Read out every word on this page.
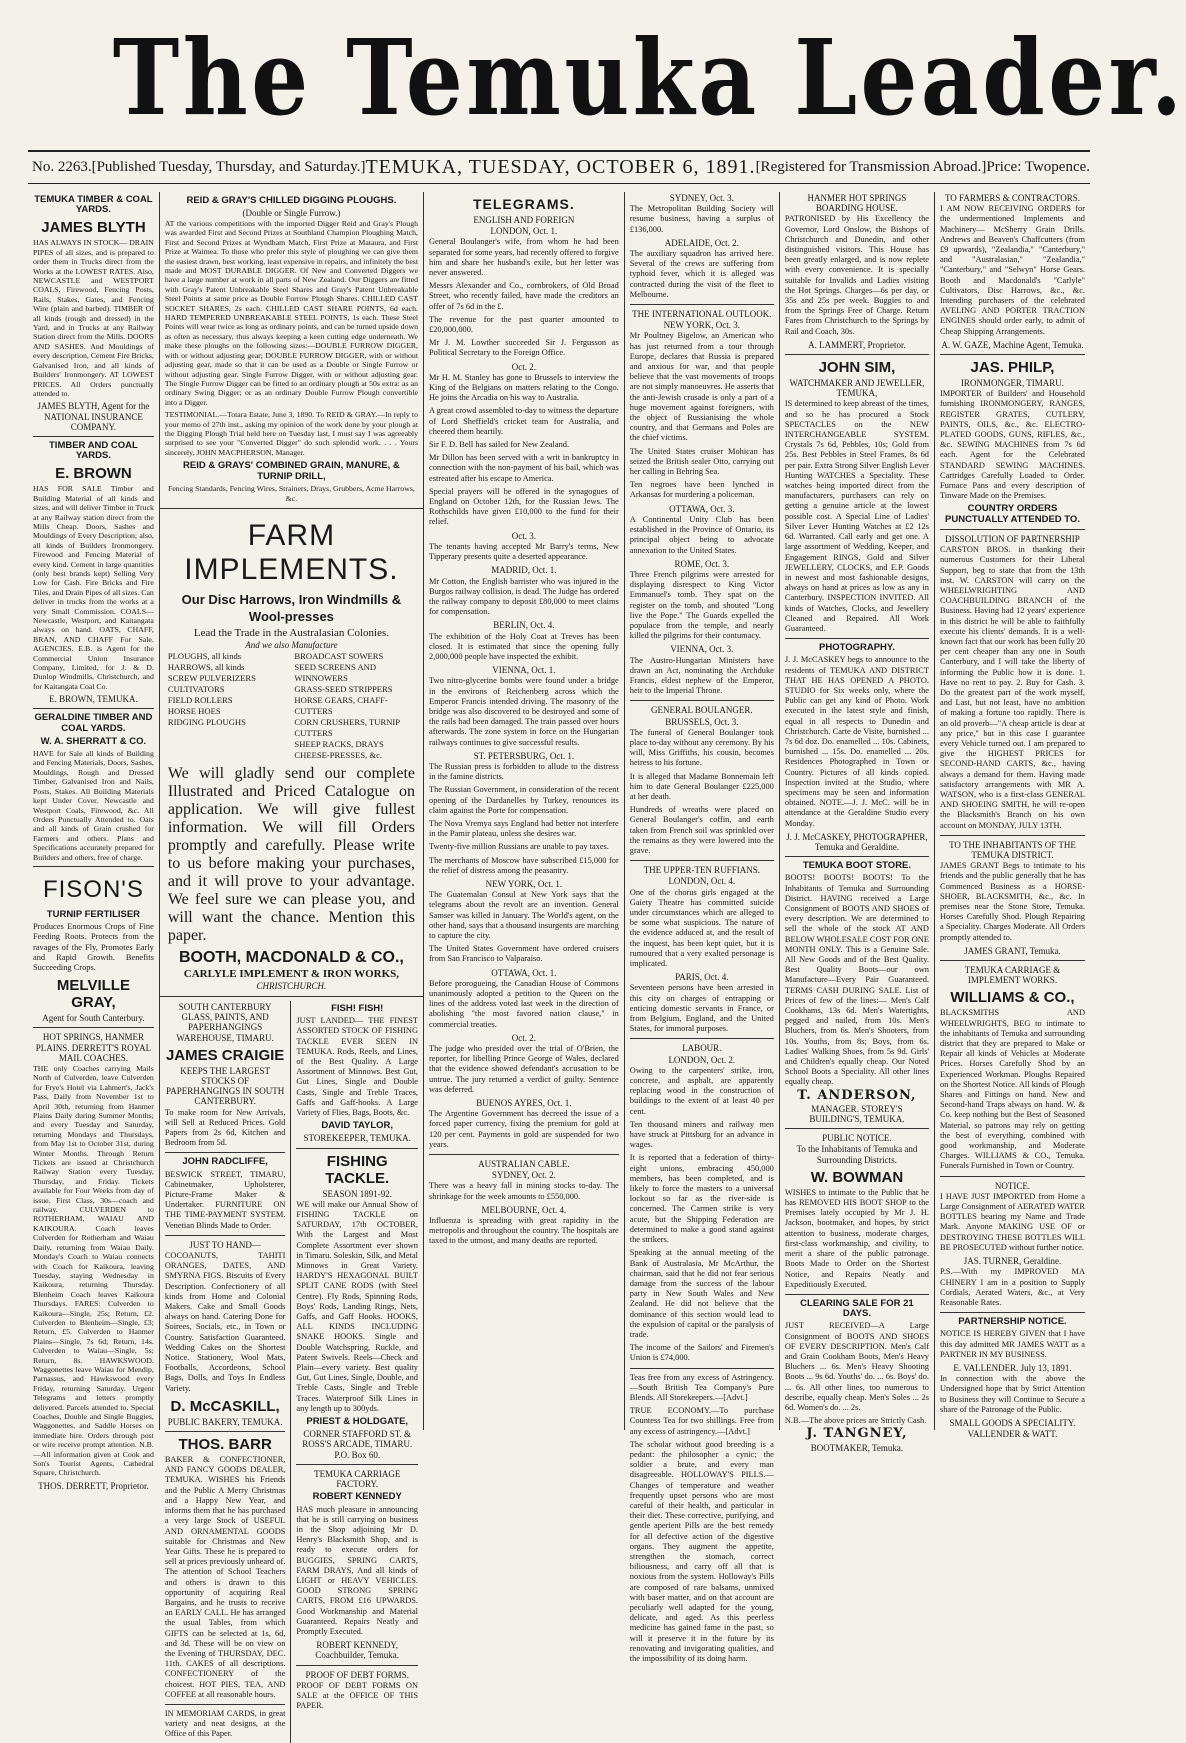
The Temuka Leader.
No. 2263. [Published Tuesday, Thursday, and Saturday.] TEMUKA, TUESDAY, OCTOBER 6, 1891. [Registered for Transmission Abroad.] Price: Twopence.
TEMUKA TIMBER & COAL YARDS.
JAMES BLYTH
HAS ALWAYS IN STOCK— DRAIN PIPES of all sizes, and is prepared to order them in Trucks direct from the Works at the LOWEST RATES. Also, NEWCASTLE and WESTPORT COALS, Firewood, Fencing Posts, Rails, Stakes, Gates, and Fencing Wire (plain and barbed). TIMBER Of all kinds (rough and dressed) in the Yard, and in Trucks at any Railway Station direct from the Mills. DOORS AND SASHES. And Mouldings of every description, Cement Fire Bricks, Galvanised Iron, and all kinds of Builders' Ironmongery. AT LOWEST PRICES. All Orders punctually attended to.
JAMES BLYTH, Agent for the NATIONAL INSURANCE COMPANY.
TIMBER AND COAL YARDS.
E. BROWN
HAS FOR SALE Timber and Building Material of all kinds and sizes, and will deliver Timber in Truck at any Railway station direct from the Mills Cheap. Doors, Sashes and Mouldings of Every Description; also, all kinds of Builders Ironmongery. Firewood and Fencing Material of every kind. Cement in large quantities (only best brands kept) Selling Very Low for Cash. Fire Bricks and Fire Tiles, and Drain Pipes of all sizes. Can deliver in trucks from the works at a very Small Commission. COALS—Newcastle, Westport, and Kaitangata always on hand. OATS, CHAFF, BRAN, AND CHAFF For Sale. AGENCIES. E.B. is Agent for the Commercial Union Insurance Company, Limited, for J. & D. Dunlop Windmills, Christchurch, and for Kaitangata Coal Co.
E. BROWN, TEMUKA.
GERALDINE TIMBER AND COAL YARDS.
W. A. SHERRATT & CO.
HAVE for Sale all kinds of Building and Fencing Materials, Doors, Sashes, Mouldings, Rough and Dressed Timber, Galvanised Iron and Nails, Posts, Stakes. All Building Materials kept Under Cover. Newcastle and Westport Coals, Firewood, &c. All Orders Punctually Attended to. Oats and all kinds of Grain crushed for Farmers and others. Plans and Specifications accurately prepared for Builders and others, free of charge.
FISON'S
TURNIP FERTILISER
Produces Enormous Crops of Fine Feeding Roots. Protects from the ravages of the Fly, Promotes Early and Rapid Growth. Benefits Succeeding Crops.
MELVILLE GRAY,
Agent for South Canterbury.
HOT SPRINGS, HANMER PLAINS. DERRETT'S ROYAL MAIL COACHES.
THE only Coaches carrying Mails North of Culverden, leave Culverden for Frye's Hotel via Lahmert's, Jack's Pass, Daily from November 1st to April 30th, returning from Hanmer Plains Daily during Summer Months; and every Tuesday and Saturday, returning Mondays and Thursdays, from May 1st to October 31st, during Winter Months. Through Return Tickets are issued at Christchurch Railway Station every Tuesday, Thursday, and Friday. Tickets available for Four Weeks from day of issue. First Class, 30s—coach and railway. CULVERDEN to ROTHERHAM, WAIAU AND KAIKOURA. Coach leaves Culverden for Rotherham and Waiau Daily, returning from Waiau Daily. Monday's Coach to Waiau connects with Coach for Kaikoura, leaving Tuesday, staying Wednesday in Kaikoura, returning Thursday. Blenheim Coach leaves Kaikoura Thursdays. FARES: Culverden to Kaikoura—Single, 25s; Return, £2. Culverden to Blenheim—Single, £3; Return, £5. Culverden to Hanmer Plains—Single, 7s 6d; Return, 14s. Culverden to Waiau—Single, 5s; Return, 8s. HAWKSWOOD. Waggonettes leave Waiau for Mendip, Parnassus, and Hawkswood every Friday, returning Saturday. Urgent Telegrams and letters promptly delivered. Parcels attended to. Special Coaches, Double and Single Buggies, Waggonettes, and Saddle Horses on immediate hire. Orders through post or wire receive prompt attention. N.B.—All information given at Cook and Son's Tourist Agents, Cathedral Square, Christchurch.
THOS. DERRETT, Proprietor.
REID & GRAY'S CHILLED DIGGING PLOUGHS.
(Double or Single Furrow.)
AT the various competitions with the imported Digger Reid and Gray's Plough was awarded First and Second Prizes at Southland Champion Ploughing Match, First and Second Prizes at Wyndham Match, First Prize at Mataura, and First Prize at Waimea. To those who prefer this style of ploughing we can give them the easiest drawn, best working, least expensive in repairs, and infinitely the best made and MOST DURABLE DIGGER. Of New and Converted Diggers we have a large number at work in all parts of New Zealand. Our Diggers are fitted with Gray's Patent Unbreakable Steel Shares and Gray's Patent Unbreakable Steel Points at same price as Double Furrow Plough Shares. CHILLED CAST SOCKET SHARES, 2s each. CHILLED CAST SHARE POINTS, 6d each. HARD TEMPERED UNBREAKABLE STEEL POINTS, 1s each. These Steel Points will wear twice as long as ordinary points, and can be turned upside down as often as necessary, thus always keeping a keen cutting edge underneath. We make these ploughs on the following sizes:—DOUBLE FURROW DIGGER, with or without adjusting gear; DOUBLE FURROW DIGGER, with or without adjusting gear, made so that it can be used as a Double or Single Furrow or without adjusting gear. Single Furrow Digger, with or without adjusting gear. The Single Furrow Digger can be fitted to an ordinary plough at 50s extra: as an ordinary Swing Digger; or as an ordinary Double Furrow Plough convertible into a Digger.
TESTIMONIAL.—Totara Estate, June 3, 1890. To REID & GRAY.—In reply to your memo of 27th inst., asking my opinion of the work done by your plough at the Digging Plough Trial held here on Tuesday last, I must say I was agreeably surprised to see your "Converted Digger" do such splendid work. . . . Yours sincerely, JOHN MACPHERSON, Manager.
REID & GRAYS' COMBINED GRAIN, MANURE, & TURNIP DRILL,
Fencing Standards, Fencing Wires, Strainers, Drays, Grubbers, Acme Harrows, &c.
FARM IMPLEMENTS.
Our Disc Harrows, Iron Windmills & Wool-presses
Lead the Trade in the Australasian Colonies.
And we also Manufacture
PLOUGHS, all kinds
HARROWS, all kinds
SCREW PULVERIZERS
CULTIVATORS
FIELD ROLLERS
HORSE HOES
RIDGING PLOUGHS
BROADCAST SOWERS
SEED SCREENS AND WINNOWERS
GRASS-SEED STRIPPERS
HORSE GEARS, CHAFF-CUTTERS
CORN CRUSHERS, TURNIP CUTTERS
SHEEP RACKS, DRAYS
CHEESE-PRESSES, &c.
We will gladly send our complete Illustrated and Priced Catalogue on application. We will give fullest information. We will fill Orders promptly and carefully. Please write to us before making your purchases, and it will prove to your advantage. We feel sure we can please you, and will want the chance. Mention this paper.
BOOTH, MACDONALD & CO.,
CARLYLE IMPLEMENT & IRON WORKS,
CHRISTCHURCH.
SOUTH CANTERBURY GLASS, PAINTS, AND PAPERHANGINGS WAREHOUSE, TIMARU.
JAMES CRAIGIE
KEEPS THE LARGEST STOCKS OF PAPERHANGINGS IN SOUTH CANTERBURY.
To make room for New Arrivals, will Sell at Reduced Prices. Gold Papers from 2s 6d, Kitchen and Bedroom from 5d.
JOHN RADCLIFFE,
BESWICK STREET, TIMARU, Cabinetmaker, Upholsterer, Picture-Frame Maker & Undertaker. FURNITURE ON THE TIME-PAYMENT SYSTEM. Venetian Blinds Made to Order.
JUST TO HAND—
COCOANUTS, TAHITI ORANGES, DATES, AND SMYRNA FIGS. Biscuits of Every Description. Confectionery of all kinds from Home and Colonial Makers. Cake and Small Goods always on hand. Catering Done for Soirees, Socials, etc., in Town or Country. Satisfaction Guaranteed. Wedding Cakes on the Shortest Notice. Stationery, Wool Mats, Footballs, Accordeons, School Bags, Dolls, and Toys In Endless Variety.
D. McCASKILL,
PUBLIC BAKERY, TEMUKA.
THOS. BARR
BAKER & CONFECTIONER, AND FANCY GOODS DEALER, TEMUKA. WISHES his Friends and the Public A Merry Christmas and a Happy New Year, and informs them that he has purchased a very large Stock of USEFUL AND ORNAMENTAL GOODS suitable for Christmas and New Year Gifts. These he is prepared to sell at prices previously unheard of. The attention of School Teachers and others is drawn to this opportunity of acquiring Real Bargains, and he trusts to receive an EARLY CALL. He has arranged the usual Tables, from which GIFTS can be selected at 1s, 6d, and 3d. These will be on view on the Evening of THURSDAY, DEC. 11th. CAKES of all descriptions. CONFECTIONERY of the choicest. HOT PIES, TEA, AND COFFEE at all reasonable hours.
IN MEMORIAM CARDS, in great variety and neat designs, at the Office of this Paper.
FISH! FISH!
JUST LANDED— THE FINEST ASSORTED STOCK OF FISHING TACKLE EVER SEEN IN TEMUKA. Rods, Reels, and Lines, of the Best Quality. A Large Assortment of Minnows. Best Gut, Gut Lines, Single and Double Casts, Single and Treble Traces, Gaffs and Gaff-hooks. A Large Variety of Flies, Bags, Boots, &c.
DAVID TAYLOR,
STOREKEEPER, TEMUKA.
FISHING TACKLE.
SEASON 1891-92.
WE will make our Annual Show of FISHING TACKLE on SATURDAY, 17th OCTOBER, With the Largest and Most Complete Assortment ever shown in Timaru. Soleskin, Silk, and Metal Minnows in Great Variety. HARDY'S HEXAGONAL BUILT SPLIT CANE RODS (with Steel Centre). Fly Rods, Spinning Rods, Boys' Rods, Landing Rings, Nets, Gaffs, and Gaff Hooks. HOOKS, ALL KINDS INCLUDING SNAKE HOOKS. Single and Double Watchspring, Ruckle, and Patent Swivels. Reels—Check and Plain—every variety. Best quality Gut, Gut Lines, Single, Double, and Treble Casts, Single and Treble Traces. Waterproof Silk Lines in any length up to 300yds.
PRIEST & HOLDGATE,
CORNER STAFFORD ST. & ROSS'S ARCADE, TIMARU. P.O. Box 60.
TEMUKA CARRIAGE FACTORY.
ROBERT KENNEDY
HAS much pleasure in announcing that he is still carrying on business in the Shop adjoining Mr D. Henry's Blacksmith Shop, and is ready to execute orders for BUGGIES, SPRING CARTS, FARM DRAYS, And all kinds of LIGHT or HEAVY VEHICLES. GOOD STRONG SPRING CARTS, FROM £16 UPWARDS. Good Workmanship and Material Guaranteed. Repairs Neatly and Promptly Executed.
ROBERT KENNEDY, Coachbuilder, Temuka.
PROOF OF DEBT FORMS.
PROOF OF DEBT FORMS ON SALE at the OFFICE OF THIS PAPER.
TELEGRAMS.
ENGLISH AND FOREIGN
LONDON, Oct. 1.
General Boulanger's wife, from whom he had been separated for some years, had recently offered to forgive him and share her husband's exile, but her letter was never answered.
Messrs Alexander and Co., cornbrokers, of Old Broad Street, who recently failed, have made the creditors an offer of 7s 6d in the £.
The revenue for the past quarter amounted to £20,000,000.
Mr J. M. Lowther succeeded Sir J. Fergusson as Political Secretary to the Foreign Office.
Oct. 2.
Mr H. M. Stanley has gone to Brussels to interview the King of the Belgians on matters relating to the Congo. He joins the Arcadia on his way to Australia.
A great crowd assembled to-day to witness the departure of Lord Sheffield's cricket team for Australia, and cheered them heartily.
Sir F. D. Bell has sailed for New Zealand.
Mr Dillon has been served with a writ in bankruptcy in connection with the non-payment of his bail, which was estreated after his escape to America.
Special prayers will be offered in the synagogues of England on October 12th, for the Russian Jews. The Rothschilds have given £10,000 to the fund for their relief.
Oct. 3.
The tenants having accepted Mr Barry's terms, New Tipperary presents quite a deserted appearance.
MADRID, Oct. 1.
Mr Cotton, the English barrister who was injured in the Burgos railway collision, is dead. The Judge has ordered the railway company to deposit £80,000 to meet claims for compensation.
BERLIN, Oct. 4.
The exhibition of the Holy Coat at Treves has been closed. It is estimated that since the opening fully 2,000,000 people have inspected the exhibit.
VIENNA, Oct. 1.
Two nitro-glycerine bombs were found under a bridge in the environs of Reichenberg across which the Emperor Francis intended driving. The masonry of the bridge was also discovered to be destroyed and some of the rails had been damaged. The train passed over hours afterwards. The zone system in force on the Hungarian railways continues to give successful results.
ST. PETERSBURG, Oct. 1.
The Russian press is forbidden to allude to the distress in the famine districts.
The Russian Government, in consideration of the recent opening of the Dardanelles by Turkey, renounces its claim against the Porte for compensation.
The Nova Vremya says England had better not interfere in the Pamir plateau, unless she desires war.
Twenty-five million Russians are unable to pay taxes.
The merchants of Moscow have subscribed £15,000 for the relief of distress among the peasantry.
NEW YORK, Oct. 1.
The Guatemalan Consul at New York says that the telegrams about the revolt are an invention. General Samser was killed in January. The World's agent, on the other hand, says that a thousand insurgents are marching to capture the city.
The United States Government have ordered cruisers from San Francisco to Valparaiso.
OTTAWA, Oct. 1.
Before prorogueing, the Canadian House of Commons unanimously adopted a petition to the Queen on the lines of the address voted last week in the direction of abolishing "the most favored nation clause," in commercial treaties.
Oct. 2.
The judge who presided over the trial of O'Brien, the reporter, for libelling Prince George of Wales, declared that the evidence showed defendant's accusation to be untrue. The jury returned a verdict of guilty. Sentence was deferred.
BUENOS AYRES, Oct. 1.
The Argentine Government has decreed the issue of a forced paper currency, fixing the premium for gold at 120 per cent. Payments in gold are suspended for two years.
AUSTRALIAN CABLE.
SYDNEY, Oct. 2.
There was a heavy fall in mining stocks to-day. The shrinkage for the week amounts to £550,000.
MELBOURNE, Oct. 4.
Influenza is spreading with great rapidity in the metropolis and throughout the country. The hospitals are taxed to the utmost, and many deaths are reported.
SYDNEY, Oct. 3.
The Metropolitan Building Society will resume business, having a surplus of £136,000.
ADELAIDE, Oct. 2.
The auxiliary squadron has arrived here. Several of the crews are suffering from typhoid fever, which it is alleged was contracted during the visit of the fleet to Melbourne.
THE INTERNATIONAL OUTLOOK.
NEW YORK, Oct. 3.
Mr Poultney Bigelow, an American who has just returned from a tour through Europe, declares that Russia is prepared and anxious for war, and that people believe that the vast movements of troops are not simply manoeuvres. He asserts that the anti-Jewish crusade is only a part of a huge movement against foreigners, with the object of Russianising the whole country, and that Germans and Poles are the chief victims.
The United States cruiser Mohican has seized the British sealer Otto, carrying out her calling in Behring Sea.
Ten negroes have been lynched in Arkansas for murdering a policeman.
OTTAWA, Oct. 3.
A Continental Unity Club has been established in the Province of Ontario, its principal object being to advocate annexation to the United States.
ROME, Oct. 3.
Three French pilgrims were arrested for displaying disrespect to King Victor Emmanuel's tomb. They spat on the register on the tomb, and shouted "Long live the Pope." The Guards expelled the populace from the temple, and nearly killed the pilgrims for their contumacy.
VIENNA, Oct. 3.
The Austro-Hungarian Ministers have drawn an Act, nominating the Archduke Francis, eldest nephew of the Emperor, heir to the Imperial Throne.
GENERAL BOULANGER.
BRUSSELS, Oct. 3.
The funeral of General Boulanger took place to-day without any ceremony. By his will, Miss Griffiths, his cousin, becomes heiress to his fortune.
It is alleged that Madame Bonnemain left him to date General Boulanger £225,000 at her death.
Hundreds of wreaths were placed on General Boulanger's coffin, and earth taken from French soil was sprinkled over the remains as they were lowered into the grave.
THE UPPER-TEN RUFFIANS.
LONDON, Oct. 4.
One of the chorus girls engaged at the Gaiety Theatre has committed suicide under circumstances which are alleged to be some what suspicious. The nature of the evidence adduced at, and the result of the inquest, has been kept quiet, but it is rumoured that a very exalted personage is implicated.
PARIS, Oct. 4.
Seventeen persons have been arrested in this city on charges of entrapping or enticing domestic servants in France, or from Belgium, England, and the United States, for immoral purposes.
LABOUR.
LONDON, Oct. 2.
Owing to the carpenters' strike, iron, concrete, and asphalt, are apparently replacing wood in the construction of buildings to the extent of at least 40 per cent.
Ten thousand miners and railway men have struck at Pittsburg for an advance in wages.
It is reported that a federation of thirty-eight unions, embracing 450,000 members, has been completed, and is likely to force the masters to a universal lockout so far as the river-side is concerned. The Carmen strike is very acute, but the Shipping Federation are determined to make a good stand against the strikers.
Speaking at the annual meeting of the Bank of Australasia, Mr McArthur, the chairman, said that he did not fear serious damage from the success of the labour party in New South Wales and New Zealand. He did not believe that the dominance of this section would lead to the expulsion of capital or the paralysis of trade.
The income of the Sailors' and Firemen's Union is £74,000.
Teas free from any excess of Astringency.—South British Tea Company's Pure Blends. All Storekeepers.—[Advt.]
TRUE ECONOMY.—To purchase Countess Tea for two shillings. Free from any excess of astringency.—[Advt.]
The scholar without good breeding is a pedant: the philosopher a cynic; the soldier a brute, and every man disagreeable. HOLLOWAY'S PILLS.—Changes of temperature and weather frequently upset persons who are most careful of their health, and particular in their diet. These corrective, purifying, and gentle aperient Pills are the best remedy for all defective action of the digestive organs. They augment the appetite, strengthen the stomach, correct biliousness, and carry off all that is noxious from the system. Holloway's Pills are composed of rare balsams, unmixed with baser matter, and on that account are peculiarly well adapted for the young, delicate, and aged. As this peerless medicine has gained fame in the past, so will it preserve it in the future by its renovating and invigorating qualities, and the impossibility of its doing harm.
HANMER HOT SPRINGS BOARDING HOUSE.
PATRONISED by His Excellency the Governor, Lord Onslow, the Bishops of Christchurch and Dunedin, and other distinguished visitors. This House has been greatly enlarged, and is now replete with every convenience. It is specially suitable for Invalids and Ladies visiting the Hot Springs. Charges—6s per day, or 35s and 25s per week. Buggies to and from the Springs Free of Charge. Return Fares from Christchurch to the Springs by Rail and Coach, 30s.
A. LAMMERT, Proprietor.
JOHN SIM,
WATCHMAKER AND JEWELLER, TEMUKA,
IS determined to keep abreast of the times, and so he has procured a Stock SPECTACLES on the NEW INTERCHANGEABLE SYSTEM. Crystals 7s 6d, Pebbles, 10s; Gold from 25s. Best Pebbles in Steel Frames, 8s 6d per pair. Extra Strong Silver English Lever Hunting WATCHES a Speciality. These watches being imported direct from the manufacturers, purchasers can rely on getting a genuine article at the lowest possible cost. A Special Line of Ladies' Silver Lever Hunting Watches at £2 12s 6d. Warranted. Call early and get one. A large assortment of Wedding, Keeper, and Engagement RINGS, Gold and Silver JEWELLERY, CLOCKS, and E.P. Goods in newest and most fashionable designs, always on hand at prices as low as any in Canterbury. INSPECTION INVITED. All kinds of Watches, Clocks, and Jewellery Cleaned and Repaired. All Work Guaranteed.
PHOTOGRAPHY.
J. J. McCASKEY begs to announce to the residents of TEMUKA AND DISTRICT THAT HE HAS OPENED A PHOTO. STUDIO for Six weeks only, where the Public can get any kind of Photo. Work executed in the latest style and finish, equal in all respects to Dunedin and Christchurch. Carte de Visite, burnished ... 7s 6d doz. Do. enamelled ... 10s. Cabinets, burnished ... 15s. Do. enamelled ... 20s. Residences Photographed in Town or Country. Pictures of all kinds copied. Inspection invited at the Studio, where specimens may be seen and information obtained. NOTE.—J. J. McC. will be in attendance at the Geraldine Studio every Monday.
J. J. McCASKEY, PHOTOGRAPHER, Temuka and Geraldine.
TEMUKA BOOT STORE.
BOOTS! BOOTS! BOOTS! To the Inhabitants of Temuka and Surrounding District. HAVING received a Large Consignment of BOOTS AND SHOES of every description. We are determined to sell the whole of the stock AT AND BELOW WHOLESALE COST FOR ONE MONTH ONLY. This is a Genuine Sale. All New Goods and of the Best Quality. Best Quality Boots—our own Manufacture—Every Pair Guaranteed. TERMS CASH DURING SALE. List of Prices of few of the lines:— Men's Calf Cookhams, 13s 6d. Men's Watertights, pegged and nailed, from 10s. Men's Bluchers, from 6s. Men's Shooters, from 10s. Youths, from 8s; Boys, from 6s. Ladies' Walking Shoes, from 5s 9d. Girls' and Children's equally cheap. Our Noted School Boots a Speciality. All other lines equally cheap.
T. ANDERSON,
MANAGER. STOREY'S BUILDING'S, TEMUKA.
PUBLIC NOTICE.
To the Inhabitants of Temuka and Surrounding Districts.
W. BOWMAN
WISHES to intimate to the Public that he has REMOVED HIS BOOT SHOP to the Premises lately occupied by Mr J. H. Jackson, bootmaker, and hopes, by strict attention to business, moderate charges, first-class workmanship, and civility, to merit a share of the public patronage. Boots Made to Order on the Shortest Notice, and Repairs Neatly and Expeditiously Executed.
CLEARING SALE FOR 21 DAYS.
JUST RECEIVED—A Large Consignment of BOOTS AND SHOES OF EVERY DESCRIPTION. Men's Calf and Grain Cookham Boots, Men's Heavy Bluchers ... 6s. Men's Heavy Shooting Boots ... 9s 6d. Youths' do. ... 6s. Boys' do. ... 6s. All other lines, too numerous to describe, equally cheap. Men's Soles ... 2s 6d. Women's do. ... 2s.
N.B.—The above prices are Strictly Cash.
J. TANGNEY,
BOOTMAKER, Temuka.
TO FARMERS & CONTRACTORS.
I AM NOW RECEIVING ORDERS for the undermentioned Implements and Machinery— McSherry Grain Drills. Andrews and Beaven's Chaffcutters (from £9 upwards), "Zealandia," "Canterbury," and "Australasian," "Zealandia," "Canterbury," and "Selwyn" Horse Gears. Booth and Macdonald's "Carlyle" Cultivators, Disc Harrows, &c., &c. Intending purchasers of the celebrated AVELING AND PORTER TRACTION ENGINES should order early, to admit of Cheap Shipping Arrangements.
A. W. GAZE, Machine Agent, Temuka.
JAS. PHILP,
IRONMONGER, TIMARU.
IMPORTER of Builders' and Household furnishing IRONMONGERY, RANGES, REGISTER GRATES, CUTLERY, PAINTS, OILS, &c., &c. ELECTRO-PLATED GOODS, GUNS, RIFLES, &c., &c. SEWING MACHINES from 7s 6d each. Agent for the Celebrated STANDARD SEWING MACHINES. Cartridges Carefully Loaded to Order. Furnace Pans and every description of Tinware Made on the Premises.
COUNTRY ORDERS PUNCTUALLY ATTENDED TO.
DISSOLUTION OF PARTNERSHIP
CARSTON BROS. in thanking their numerous Customers for their Liberal Support, beg to state that from the 13th inst. W. CARSTON will carry on the WHEELWRIGHTING AND COACHBUILDING BRANCH of the Business. Having had 12 years' experience in this district he will be able to faithfully execute his clients' demands. It is a well-known fact that our work has been fully 20 per cent cheaper than any one in South Canterbury, and I will take the liberty of informing the Public how it is done. 1. Have no rent to pay. 2. Buy for Cash. 3. Do the greatest part of the work myself, and Last, but not least, have no ambition of making a fortune too rapidly. There is an old proverb—"A cheap article is dear at any price," but in this case I guarantee every Vehicle turned out. I am prepared to give the HIGHEST PRICES for SECOND-HAND CARTS, &c., having always a demand for them. Having made satisfactory arrangements with MR A. WATSON, who is a first-class GENERAL AND SHOEING SMITH, he will re-open the Blacksmith's Branch on his own account on MONDAY, JULY 13TH.
TO THE INHABITANTS OF THE TEMUKA DISTRICT.
JAMES GRANT Begs to intimate to his friends and the public generally that he has Commenced Business as a HORSE-SHOER, BLACKSMITH, &c., &c. In premises near the Stone Store, Temuka. Horses Carefully Shod. Plough Repairing a Speciality. Charges Moderate. All Orders promptly attended to.
JAMES GRANT, Temuka.
TEMUKA CARRIAGE & IMPLEMENT WORKS.
WILLIAMS & CO.,
BLACKSMITHS AND WHEELWRIGHTS, BEG to intimate to the inhabitants of Temuka and surrounding district that they are prepared to Make or Repair all kinds of Vehicles at Moderate Prices. Horses Carefully Shod by an Experienced Workman. Ploughs Repaired on the Shortest Notice. All kinds of Plough Shares and Fittings on hand. New and Second-hand Traps always on hand. W. & Co. keep nothing but the Best of Seasoned Material, so patrons may rely on getting the best of everything, combined with good workmanship, and Moderate Charges. WILLIAMS & CO., Temuka. Funerals Furnished in Town or Country.
NOTICE.
I HAVE JUST IMPORTED from Home a Large Consignment of AERATED WATER BOTTLES bearing my Name and Trade Mark. Anyone MAKING USE OF or DESTROYING THESE BOTTLES WILL BE PROSECUTED without further notice.
JAS. TURNER, Geraldine.
P.S.—With my IMPROVED MA CHINERY I am in a position to Supply Cordials, Aerated Waters, &c., at Very Reasonable Rates.
PARTNERSHIP NOTICE.
NOTICE IS HEREBY GIVEN that I have this day admitted MR JAMES WATT as a PARTNER IN MY BUSINESS.
E. VALLENDER. July 13, 1891.
In connection with the above the Undersigned hope that by Strict Attention to Business they will Continue to Secure a share of the Patronage of the Public.
SMALL GOODS A SPECIALITY.
VALLENDER & WATT.
